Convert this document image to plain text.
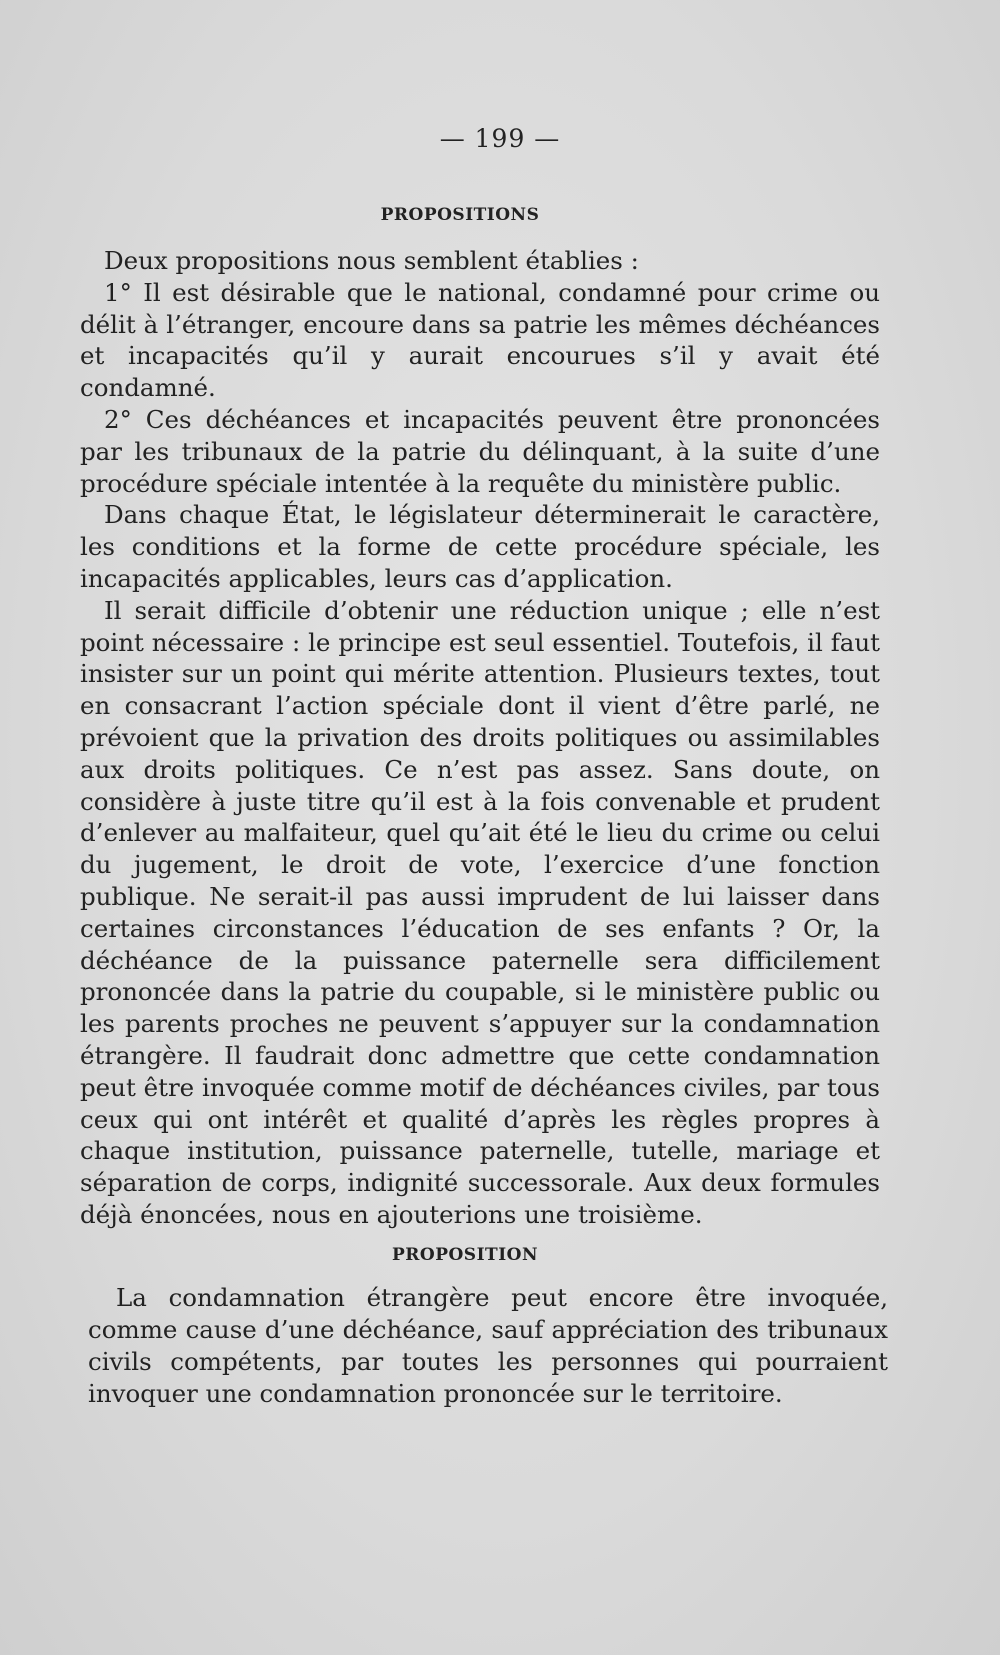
— 199 —
PROPOSITIONS

Deux propositions nous semblent établies :

1° Il est désirable que le national, condamné pour crime ou délit à l’étranger, encoure dans sa patrie les mêmes déchéances et incapacités qu’il y aurait encourues s’il y avait été condamné.

2° Ces déchéances et incapacités peuvent être prononcées par les tribunaux de la patrie du délinquant, à la suite d’une procédure spéciale intentée à la requête du ministère public.

Dans chaque État, le législateur déterminerait le caractère, les conditions et la forme de cette procédure spéciale, les incapacités applicables, leurs cas d’application.

Il serait difficile d’obtenir une réduction unique ; elle n’est point nécessaire : le principe est seul essentiel. Toutefois, il faut insister sur un point qui mérite attention. Plusieurs textes, tout en consacrant l’action spéciale dont il vient d’être parlé, ne prévoient que la privation des droits politiques ou assimilables aux droits politiques. Ce n’est pas assez. Sans doute, on considère à juste titre qu’il est à la fois convenable et prudent d’enlever au malfaiteur, quel qu’ait été le lieu du crime ou celui du jugement, le droit de vote, l’exercice d’une fonction publique. Ne serait-il pas aussi imprudent de lui laisser dans certaines circonstances l’éducation de ses enfants ? Or, la déchéance de la puissance paternelle sera difficilement prononcée dans la patrie du coupable, si le ministère public ou les parents proches ne peuvent s’appuyer sur la condamnation étrangère. Il faudrait donc admettre que cette condamnation peut être invoquée comme motif de déchéances civiles, par tous ceux qui ont intérêt et qualité d’après les règles propres à chaque institution, puissance paternelle, tutelle, mariage et séparation de corps, indignité successorale. Aux deux formules déjà énoncées, nous en ajouterions une troisième.

PROPOSITION

La condamnation étrangère peut encore être invoquée, comme cause d’une déchéance, sauf appréciation des tribunaux civils compétents, par toutes les personnes qui pourraient invoquer une condamnation prononcée sur le territoire.
